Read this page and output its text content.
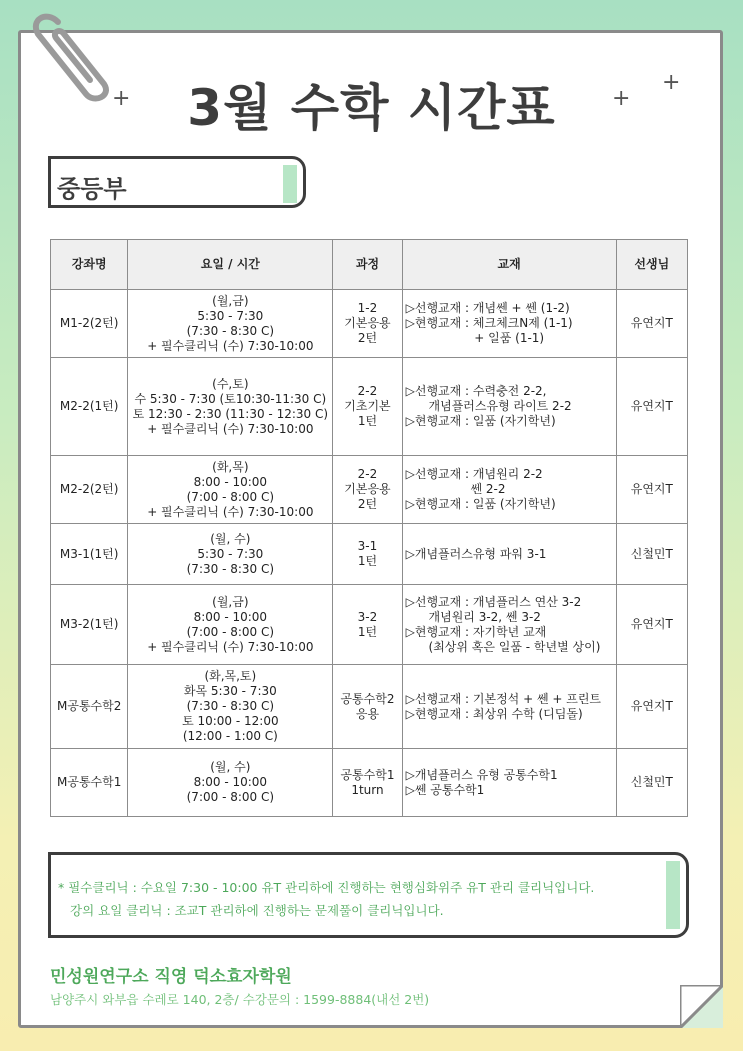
3월 수학 시간표
+	+
+
중등부
강좌명	요일 / 시간	과정	교재	선생님
M1-2(2턴)	(월,금)
5:30 - 7:30
(7:30 - 8:30 C)
+ 필수클리닉 (수) 7:30-10:00	1-2
기본응용
2턴	▷선행교재 : 개념쎈 + 쎈 (1-2)
▷현행교재 : 체크체크N제 (1-1)
+ 일품 (1-1)	유연지T
M2-2(1턴)	(수,토)
수 5:30 - 7:30 (토10:30-11:30 C)
토 12:30 - 2:30 (11:30 - 12:30 C)
+ 필수클리닉 (수) 7:30-10:00	2-2
기초기본
1턴	▷선행교재 : 수력충전 2-2,
개념플러스유형 라이트 2-2
▷현행교재 : 일품 (자기학년)	유연지T
M2-2(2턴)	(화,목)
8:00 - 10:00
(7:00 - 8:00 C)
+ 필수클리닉 (수) 7:30-10:00	2-2
기본응용
2턴	▷선행교재 : 개념원리 2-2
쎈 2-2
▷현행교재 : 일품 (자기학년)	유연지T
M3-1(1턴)	(월, 수)
5:30 - 7:30
(7:30 - 8:30 C)	3-1
1턴	▷개념플러스유형 파워 3-1	신철민T
M3-2(1턴)	(월,금)
8:00 - 10:00
(7:00 - 8:00 C)
+ 필수클리닉 (수) 7:30-10:00	3-2
1턴	▷선행교재 : 개념플러스 연산 3-2
개념원리 3-2, 쎈 3-2
▷현행교재 : 자기학년 교재
(최상위 혹은 일품 - 학년별 상이)	유연지T
M공통수학2	(화,목,토)
화목 5:30 - 7:30
(7:30 - 8:30 C)
토 10:00 - 12:00
(12:00 - 1:00 C)	공통수학2
응용	▷선행교재 : 기본정석 + 쎈 + 프린트
▷현행교재 : 최상위 수학 (디딤돌)	유연지T
M공통수학1	(월, 수)
8:00 - 10:00
(7:00 - 8:00 C)	공통수학1
1turn	▷개념플러스 유형 공통수학1
▷쎈 공통수학1	신철민T
* 필수클리닉 : 수요일 7:30 - 10:00 유T 관리하에 진행하는 현행심화위주 유T 관리 클리닉입니다.
강의 요일 클리닉 : 조교T 관리하에 진행하는 문제풀이 클리닉입니다.
민성원연구소 직영 덕소효자학원
남양주시 와부읍 수레로 140, 2층/ 수강문의 : 1599-8884(내선 2번)
